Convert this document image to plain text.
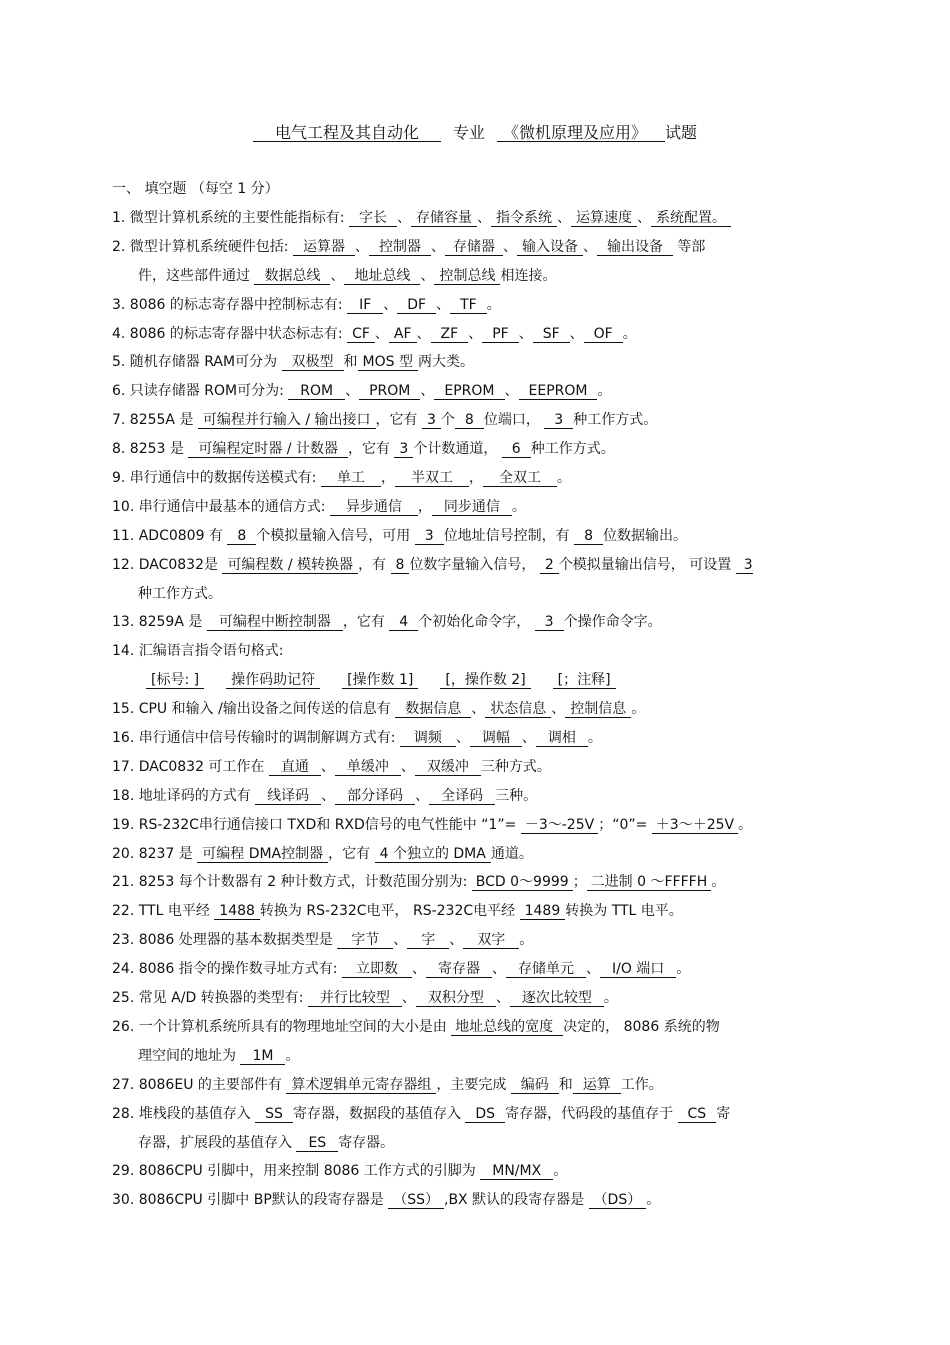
电气工程及其自动化 专业 《微机原理及应用》 试题
一、 填空题 （每空 1 分）
1. 微型计算机系统的主要性能指标有: 字长 、 存储容量 、 指令系统 、 运算速度 、 系统配置。
2. 微型计算机系统硬件包括: 运算器 、 控制器 、 存储器 、 输入设备 、 输出设备 等部
件，这些部件通过 数据总线 、 地址总线 、 控制总线 相连接。
3. 8086 的标志寄存器中控制标志有: IF 、 DF 、 TF 。
4. 8086 的标志寄存器中状态标志有: CF 、 AF 、 ZF 、 PF 、 SF 、 OF 。
5. 随机存储器 RAM可分为 双极型 和 MOS 型 两大类。
6. 只读存储器 ROM可分为: ROM 、 PROM 、 EPROM 、 EEPROM 。
7. 8255A 是 可编程并行输入 / 输出接口 ，它有 3 个 8 位端口， 3 种工作方式。
8. 8253 是 可编程定时器 / 计数器 ，它有 3 个计数通道， 6 种工作方式。
9. 串行通信中的数据传送模式有: 单工 ， 半双工 ， 全双工 。
10. 串行通信中最基本的通信方式: 异步通信 ， 同步通信 。
11. ADC0809 有 8 个模拟量输入信号，可用 3 位地址信号控制，有 8 位数据输出。
12. DAC0832是 可编程数 / 模转换器 ，有 8 位数字量输入信号， 2 个模拟量输出信号， 可设置 3
种工作方式。
13. 8259A 是 可编程中断控制器 ，它有 4 个初始化命令字， 3 个操作命令字。
14. 汇编语言指令语句格式:
[标号: ] 操作码助记符 [操作数 1] [，操作数 2] [；注释]
15. CPU 和输入 /输出设备之间传送的信息有 数据信息 、 状态信息 、 控制信息 。
16. 串行通信中信号传输时的调制解调方式有: 调频 、 调幅 、 调相 。
17. DAC0832 可工作在 直通 、 单缓冲 、 双缓冲 三种方式。
18. 地址译码的方式有 线译码 、 部分译码 、 全译码 三种。
19. RS-232C串行通信接口 TXD和 RXD信号的电气性能中 “1”= －3～-25V ；“0”= ＋3～＋25V 。
20. 8237 是 可编程 DMA控制器 ，它有 4 个独立的 DMA 通道。
21. 8253 每个计数器有 2 种计数方式，计数范围分别为: BCD 0～9999 ； 二进制 0 ～FFFFH 。
22. TTL 电平经 1488 转换为 RS-232C电平， RS-232C电平经 1489 转换为 TTL 电平。
23. 8086 处理器的基本数据类型是 字节 、 字 、 双字 。
24. 8086 指令的操作数寻址方式有: 立即数 、 寄存器 、 存储单元 、 I/O 端口 。
25. 常见 A/D 转换器的类型有: 并行比较型 、 双积分型 、 逐次比较型 。
26. 一个计算机系统所具有的物理地址空间的大小是由 地址总线的宽度 决定的， 8086 系统的物
理空间的地址为 1M 。
27. 8086EU 的主要部件有 算术逻辑单元寄存器组 ，主要完成 编码 和 运算 工作。
28. 堆栈段的基值存入 SS 寄存器，数据段的基值存入 DS 寄存器，代码段的基值存于 CS 寄
存器，扩展段的基值存入 ES 寄存器。
29. 8086CPU 引脚中，用来控制 8086 工作方式的引脚为 MN/MX 。
30. 8086CPU 引脚中 BP默认的段寄存器是 （SS） ,BX 默认的段寄存器是 （DS） 。
